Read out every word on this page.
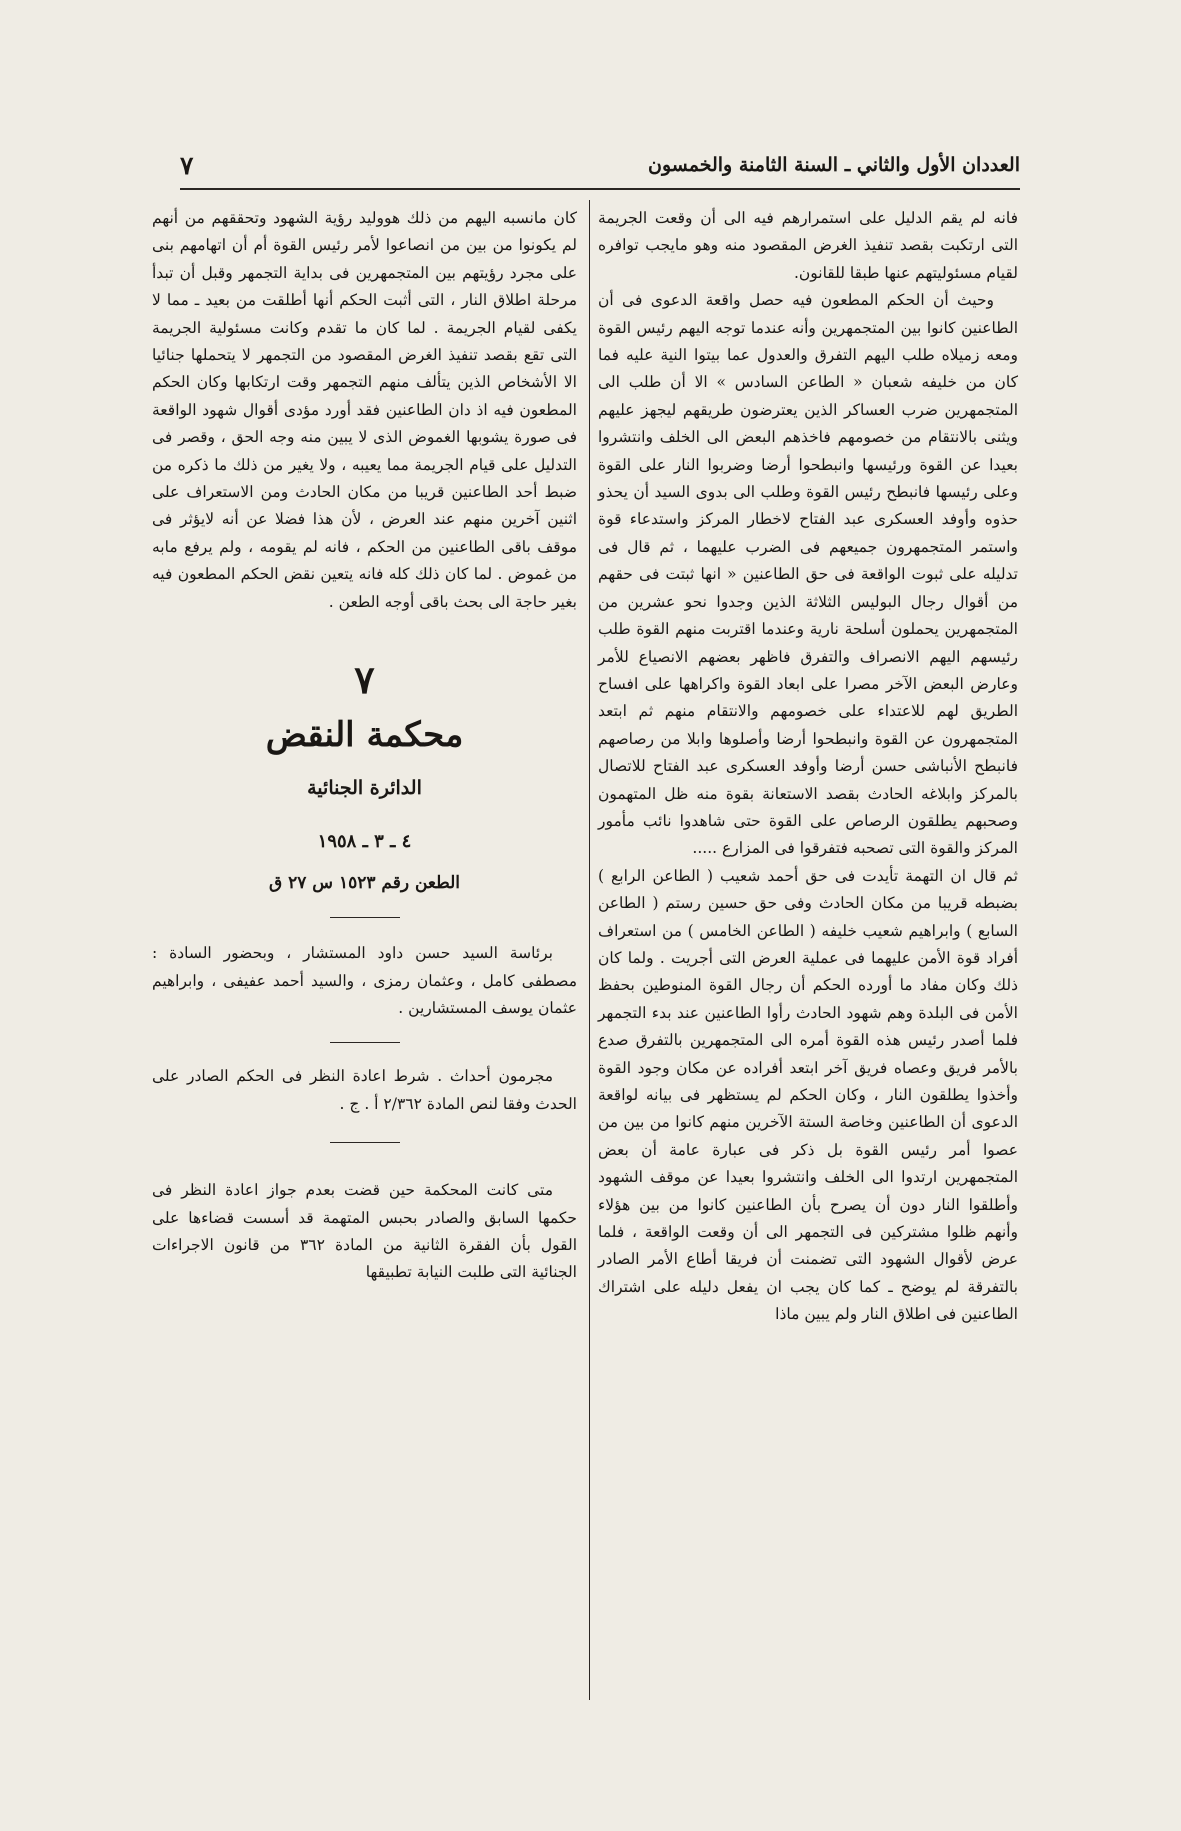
العددان الأول والثاني ـ السنة الثامنة والخمسون
٧

فانه لم يقم الدليل على استمرارهم فيه الى أن وقعت الجريمة التى ارتكبت بقصد تنفيذ الغرض المقصود منه وهو مايجب توافره لقيام مسئوليتهم عنها طبقا للقانون.

وحيث أن الحكم المطعون فيه حصل واقعة الدعوى فى أن الطاعنين كانوا بين المتجمهرين وأنه عندما توجه اليهم رئيس القوة ومعه زميلاه طلب اليهم التفرق والعدول عما بيتوا النية عليه فما كان من خليفه شعبان « الطاعن السادس » الا أن طلب الى المتجمهرين ضرب العساكر الذين يعترضون طريقهم ليجهز عليهم ويثنى بالانتقام من خصومهم فاخذهم البعض الى الخلف وانتشروا بعيدا عن القوة ورئيسها وانبطحوا أرضا وضربوا النار على القوة وعلى رئيسها فانبطح رئيس القوة وطلب الى بدوى السيد أن يحذو حذوه وأوفد العسكرى عبد الفتاح لاخطار المركز واستدعاء قوة واستمر المتجمهرون جميعهم فى الضرب عليهما ، ثم قال فى تدليله على ثبوت الواقعة فى حق الطاعنين « انها ثبتت فى حقهم من أقوال رجال البوليس الثلاثة الذين وجدوا نحو عشرين من المتجمهرين يحملون أسلحة نارية وعندما اقتربت منهم القوة طلب رئيسهم اليهم الانصراف والتفرق فاظهر بعضهم الانصياع للأمر وعارض البعض الآخر مصرا على ابعاد القوة واكراهها على افساح الطريق لهم للاعتداء على خصومهم والانتقام منهم ثم ابتعد المتجمهرون عن القوة وانبطحوا أرضا وأصلوها وابلا من رصاصهم فانبطح الأنباشى حسن أرضا وأوفد العسكرى عبد الفتاح للاتصال بالمركز وابلاغه الحادث بقصد الاستعانة بقوة منه ظل المتهمون وصحبهم يطلقون الرصاص على القوة حتى شاهدوا نائب مأمور المركز والقوة التى تصحبه فتفرقوا فى المزارع .....

ثم قال ان التهمة تأيدت فى حق أحمد شعيب ( الطاعن الرابع ) بضبطه قريبا من مكان الحادث وفى حق حسين رستم ( الطاعن السابع ) وابراهيم شعيب خليفه ( الطاعن الخامس ) من استعراف أفراد قوة الأمن عليهما فى عملية العرض التى أجريت . ولما كان ذلك وكان مفاد ما أورده الحكم أن رجال القوة المنوطين بحفظ الأمن فى البلدة وهم شهود الحادث رأوا الطاعنين عند بدء التجمهر فلما أصدر رئيس هذه القوة أمره الى المتجمهرين بالتفرق صدع بالأمر فريق وعصاه فريق آخر ابتعد أفراده عن مكان وجود القوة وأخذوا يطلقون النار ، وكان الحكم لم يستظهر فى بيانه لواقعة الدعوى أن الطاعنين وخاصة الستة الآخرين منهم كانوا من بين من عصوا أمر رئيس القوة بل ذكر فى عبارة عامة أن بعض المتجمهرين ارتدوا الى الخلف وانتشروا بعيدا عن موقف الشهود وأطلقوا النار دون أن يصرح بأن الطاعنين كانوا من بين هؤلاء وأنهم ظلوا مشتركين فى التجمهر الى أن وقعت الواقعة ، فلما عرض لأقوال الشهود التى تضمنت أن فريقا أطاع الأمر الصادر بالتفرقة لم يوضح ـ كما كان يجب ان يفعل دليله على اشتراك الطاعنين فى اطلاق النار ولم يبين ماذا

كان مانسبه اليهم من ذلك هووليد رؤية الشهود وتحققهم من أنهم لم يكونوا من بين من انصاعوا لأمر رئيس القوة أم أن اتهامهم بنى على مجرد رؤيتهم بين المتجمهرين فى بداية التجمهر وقبل أن تبدأ مرحلة اطلاق النار ، التى أثبت الحكم أنها أطلقت من بعيد ـ مما لا يكفى لقيام الجريمة . لما كان ما تقدم وكانت مسئولية الجريمة التى تقع بقصد تنفيذ الغرض المقصود من التجمهر لا يتحملها جنائيا الا الأشخاص الذين يتألف منهم التجمهر وقت ارتكابها وكان الحكم المطعون فيه اذ دان الطاعنين فقد أورد مؤدى أقوال شهود الواقعة فى صورة يشوبها الغموض الذى لا يبين منه وجه الحق ، وقصر فى التدليل على قيام الجريمة مما يعيبه ، ولا يغير من ذلك ما ذكره من ضبط أحد الطاعنين قريبا من مكان الحادث ومن الاستعراف على اثنين آخرين منهم عند العرض ، لأن هذا فضلا عن أنه لايؤثر فى موقف باقى الطاعنين من الحكم ، فانه لم يقومه ، ولم يرفع مابه من غموض . لما كان ذلك كله فانه يتعين نقض الحكم المطعون فيه بغير حاجة الى بحث باقى أوجه الطعن .

٧
محكمة النقض
الدائرة الجنائية
٤ ـ ٣ ـ ١٩٥٨
الطعن رقم ١٥٢٣ س ٢٧ ق

برئاسة السيد حسن داود المستشار ، وبحضور السادة : مصطفى كامل ، وعثمان رمزى ، والسيد أحمد عفيفى ، وابراهيم عثمان يوسف المستشارين .

مجرمون أحداث . شرط اعادة النظر فى الحكم الصادر على الحدث وفقا لنص المادة ٢/٣٦٢ أ . ج .

متى كانت المحكمة حين قضت بعدم جواز اعادة النظر فى حكمها السابق والصادر بحبس المتهمة قد أسست قضاءها على القول بأن الفقرة الثانية من المادة ٣٦٢ من قانون الاجراءات الجنائية التى طلبت النيابة تطبيقها
